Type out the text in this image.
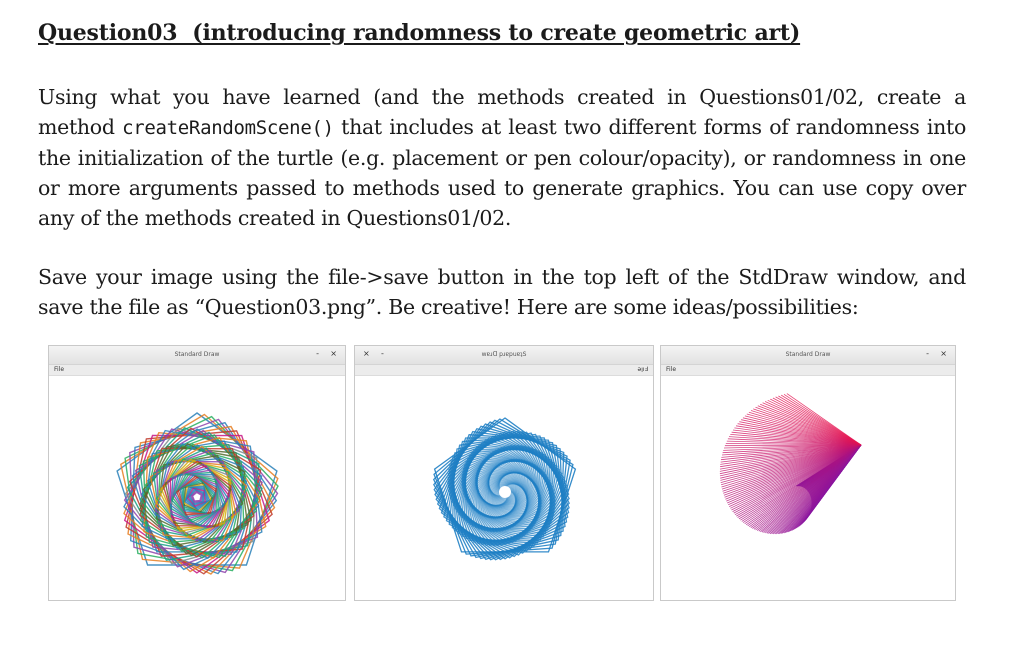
Question03  (introducing randomness to create geometric art)
Using what you have learned (and the methods created in Questions01/02, create a method createRandomScene() that includes at least two different forms of randomness into the initialization of the turtle (e.g. placement or pen colour/opacity), or randomness in one or more arguments passed to methods used to generate graphics. You can use copy over any of the methods created in Questions01/02.
Save your image using the file->save button in the top left of the StdDraw window, and save the file as “Question03.png”. Be creative! Here are some ideas/possibilities:
Standard Draw	- ×
File
wɐɹᗡ pɹɐpuɐʇS
× -
ǝןıℲ
Standard Draw	- ×
File
